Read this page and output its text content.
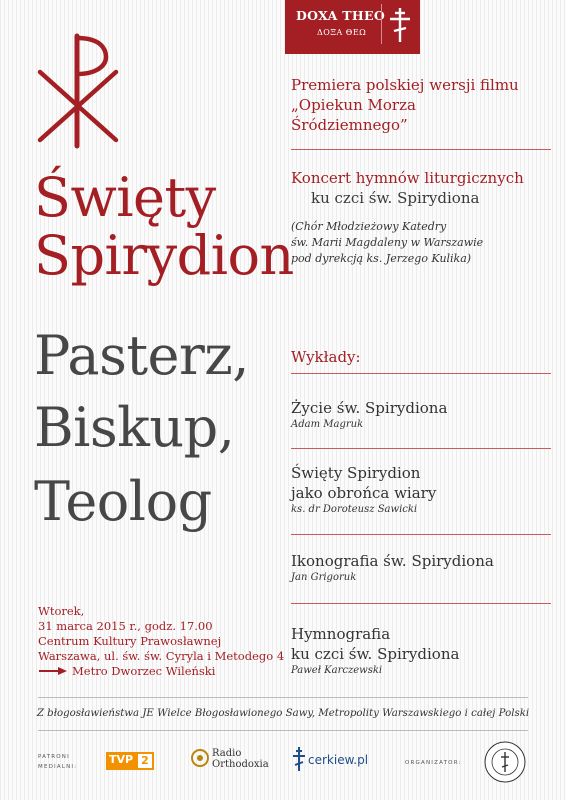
DOXA THEO
ΔΟΞΑ ΘΕΩ
Święty
Spirydion
Pasterz,
Biskup,
Teolog
Premiera polskiej wersji filmu
„Opiekun Morza
Śródziemnego”
Koncert hymnów liturgicznych
ku czci św. Spirydiona
(Chór Młodzieżowy Katedry
św. Marii Magdaleny w Warszawie
pod dyrekcją ks. Jerzego Kulika)
Wykłady:
Życie św. Spirydiona
Adam Magruk
Święty Spirydion
jako obrońca wiary
ks. dr Doroteusz Sawicki
Ikonografia św. Spirydiona
Jan Grigoruk
Hymnografia
ku czci św. Spirydiona
Paweł Karczewski
Wtorek,
31 marca 2015 r., godz. 17.00
Centrum Kultury Prawosławnej
Warszawa, ul. św. św. Cyryla i Metodego 4
Metro Dworzec Wileński
Z błogosławieństwa JE Wielce Błogosławionego Sawy, Metropolity Warszawskiego i całej Polski
PATRONI
MEDIALNI:
TVP 2
Radio
Orthodoxia	cerkiew.pl	ORGANIZATOR:
